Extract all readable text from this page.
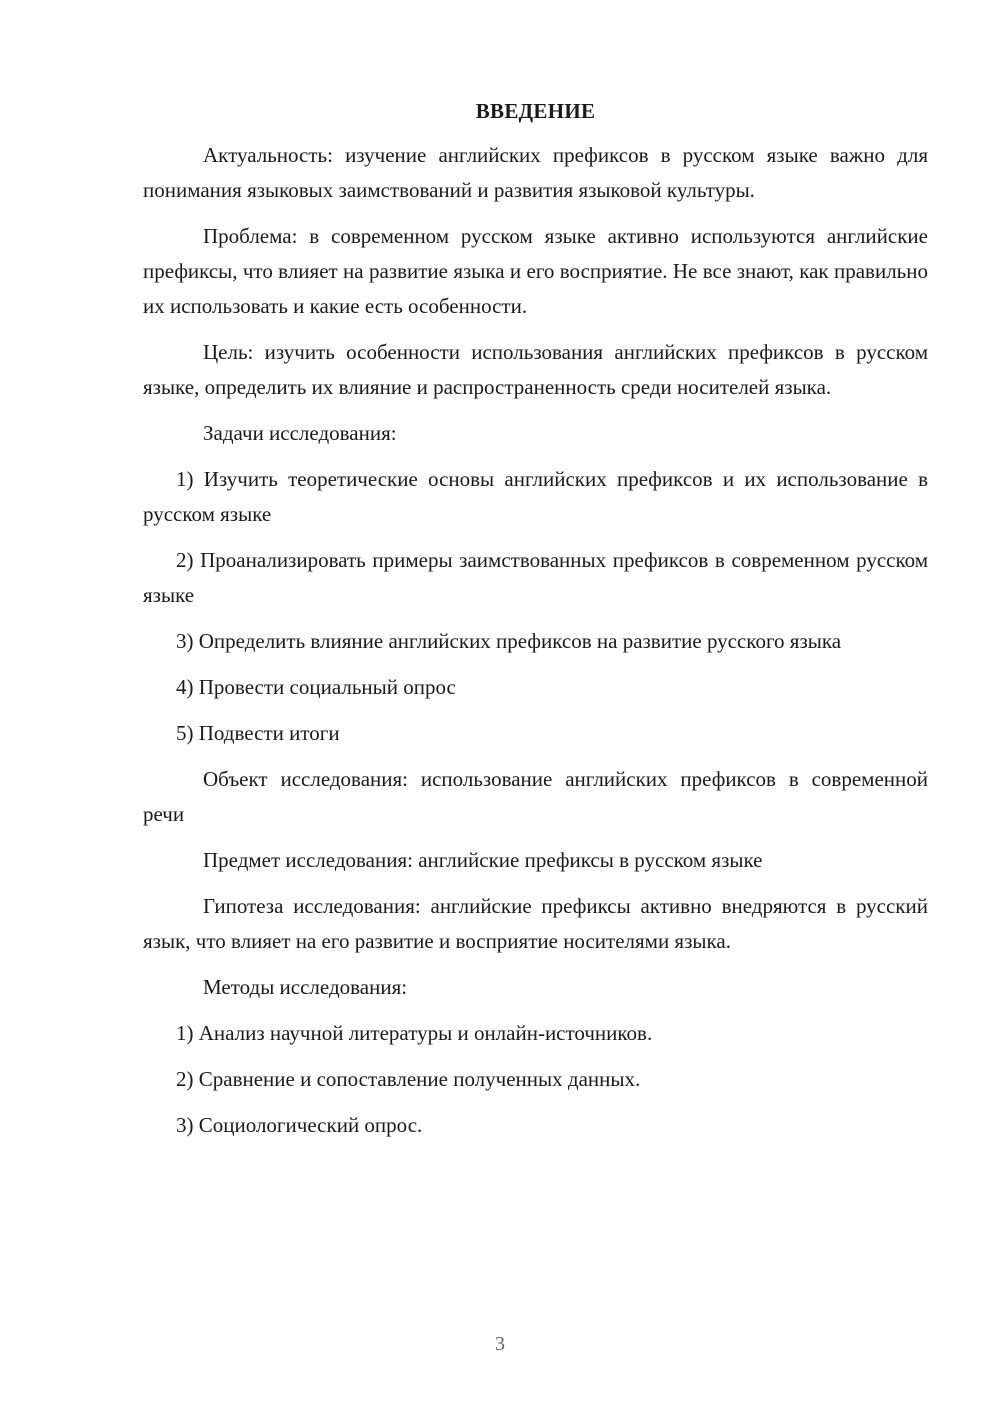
ВВЕДЕНИЕ

Актуальность: изучение английских префиксов в русском языке важно для понимания языковых заимствований и развития языковой культуры.

Проблема: в современном русском языке активно используются английские префиксы, что влияет на развитие языка и его восприятие. Не все знают, как правильно их использовать и какие есть особенности.

Цель: изучить особенности использования английских префиксов в русском языке, определить их влияние и распространенность среди носителей языка.

Задачи исследования:

1) Изучить теоретические основы английских префиксов и их использование в русском языке

2) Проанализировать примеры заимствованных префиксов в современном русском языке

3) Определить влияние английских префиксов на развитие русского языка

4) Провести социальный опрос

5) Подвести итоги

Объект исследования: использование английских префиксов в современной речи

Предмет исследования: английские префиксы в русском языке

Гипотеза исследования: английские префиксы активно внедряются в русский язык, что влияет на его развитие и восприятие носителями языка.

Методы исследования:

1) Анализ научной литературы и онлайн-источников.

2) Сравнение и сопоставление полученных данных.

3) Социологический опрос.

3
